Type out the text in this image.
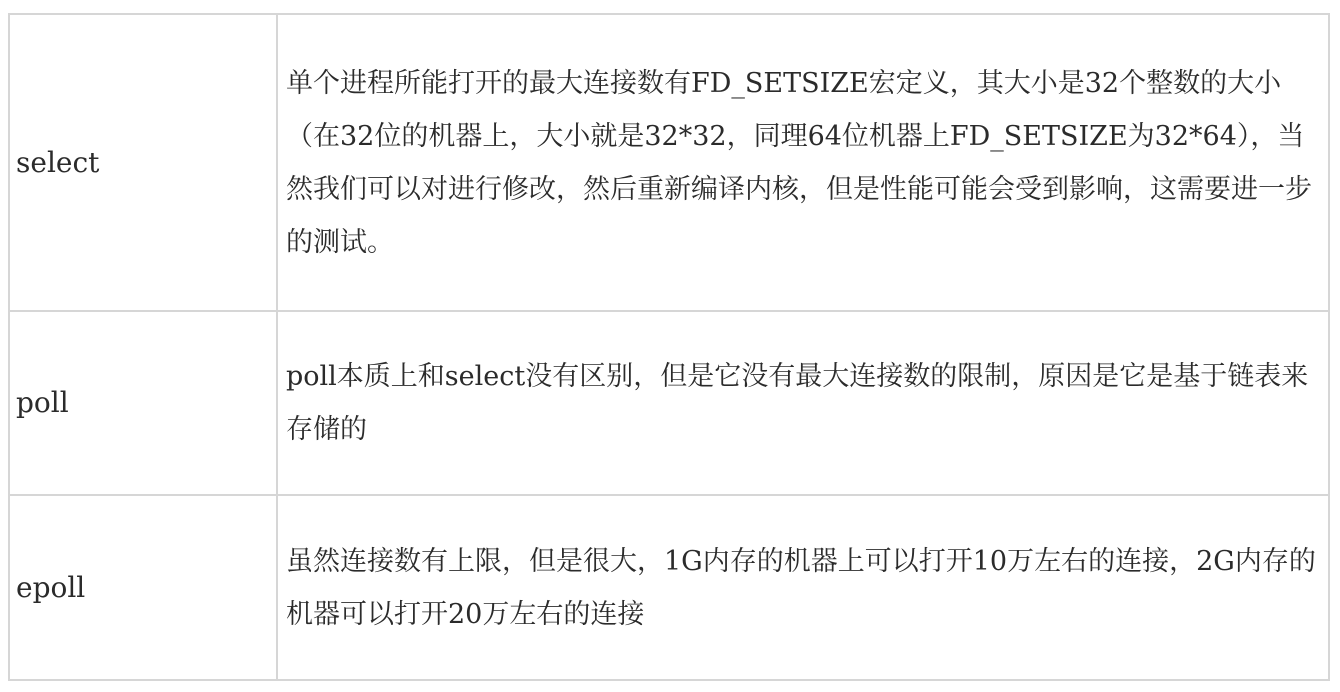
select	单个进程所能打开的最大连接数有FD_SETSIZE宏定义，其大小是32个整数的大小（在32位的机器上，大小就是32*32，同理64位机器上FD_SETSIZE为32*64），当然我们可以对进行修改，然后重新编译内核，但是性能可能会受到影响，这需要进一步的测试。
poll	poll本质上和select没有区别，但是它没有最大连接数的限制，原因是它是基于链表来存储的
epoll	虽然连接数有上限，但是很大，1G内存的机器上可以打开10万左右的连接，2G内存的机器可以打开20万左右的连接
